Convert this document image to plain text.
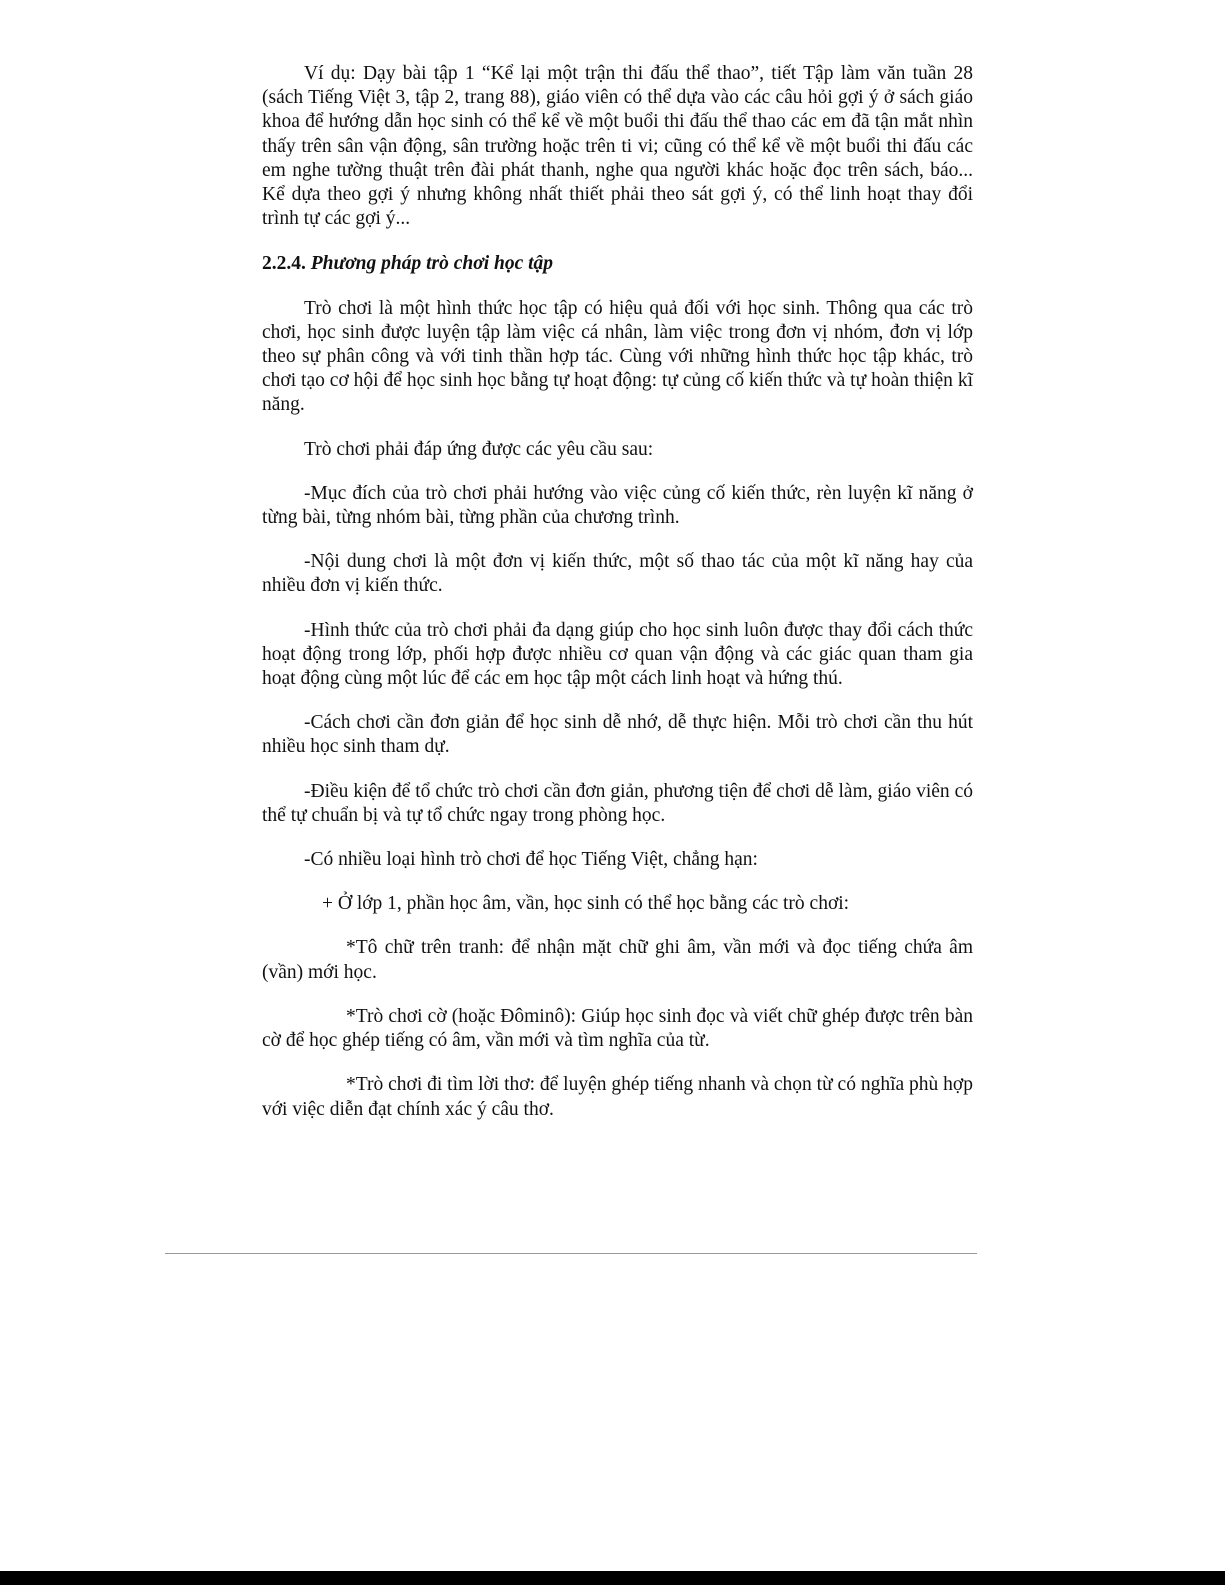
Ví dụ: Dạy bài tập 1 “Kể lại một trận thi đấu thể thao”, tiết Tập làm văn tuần 28 (sách Tiếng Việt 3, tập 2, trang 88), giáo viên có thể dựa vào các câu hỏi gợi ý ở sách giáo khoa để hướng dẫn học sinh có thể kể về một buổi thi đấu thể thao các em đã tận mắt nhìn thấy trên sân vận động, sân trường hoặc trên ti vi; cũng có thể kể về một buổi thi đấu các em nghe tường thuật trên đài phát thanh, nghe qua người khác hoặc đọc trên sách, báo... Kể dựa theo gợi ý nhưng không nhất thiết phải theo sát gợi ý, có thể linh hoạt thay đổi trình tự các gợi ý...

2.2.4. Phương pháp trò chơi học tập

Trò chơi là một hình thức học tập có hiệu quả đối với học sinh. Thông qua các trò chơi, học sinh được luyện tập làm việc cá nhân, làm việc trong đơn vị nhóm, đơn vị lớp theo sự phân công và với tinh thần hợp tác. Cùng với những hình thức học tập khác, trò chơi tạo cơ hội để học sinh học bằng tự hoạt động: tự củng cố kiến thức và tự hoàn thiện kĩ năng.

Trò chơi phải đáp ứng được các yêu cầu sau:

-Mục đích của trò chơi phải hướng vào việc củng cố kiến thức, rèn luyện kĩ năng ở từng bài, từng nhóm bài, từng phần của chương trình.

-Nội dung chơi là một đơn vị kiến thức, một số thao tác của một kĩ năng hay của nhiều đơn vị kiến thức.

-Hình thức của trò chơi phải đa dạng giúp cho học sinh luôn được thay đổi cách thức hoạt động trong lớp, phối hợp được nhiều cơ quan vận động và các giác quan tham gia hoạt động cùng một lúc để các em học tập một cách linh hoạt và hứng thú.

-Cách chơi cần đơn giản để học sinh dễ nhớ, dễ thực hiện. Mỗi trò chơi cần thu hút nhiều học sinh tham dự.

-Điều kiện để tổ chức trò chơi cần đơn giản, phương tiện để chơi dễ làm, giáo viên có thể tự chuẩn bị và tự tổ chức ngay trong phòng học.

-Có nhiều loại hình trò chơi để học Tiếng Việt, chẳng hạn:

+ Ở lớp 1, phần học âm, vần, học sinh có thể học bằng các trò chơi:

*Tô chữ trên tranh: để nhận mặt chữ ghi âm, vần mới và đọc tiếng chứa âm (vần) mới học.

*Trò chơi cờ (hoặc Đôminô): Giúp học sinh đọc và viết chữ ghép được trên bàn cờ để học ghép tiếng có âm, vần mới và tìm nghĩa của từ.

*Trò chơi đi tìm lời thơ: để luyện ghép tiếng nhanh và chọn từ có nghĩa phù hợp với việc diễn đạt chính xác ý câu thơ.
